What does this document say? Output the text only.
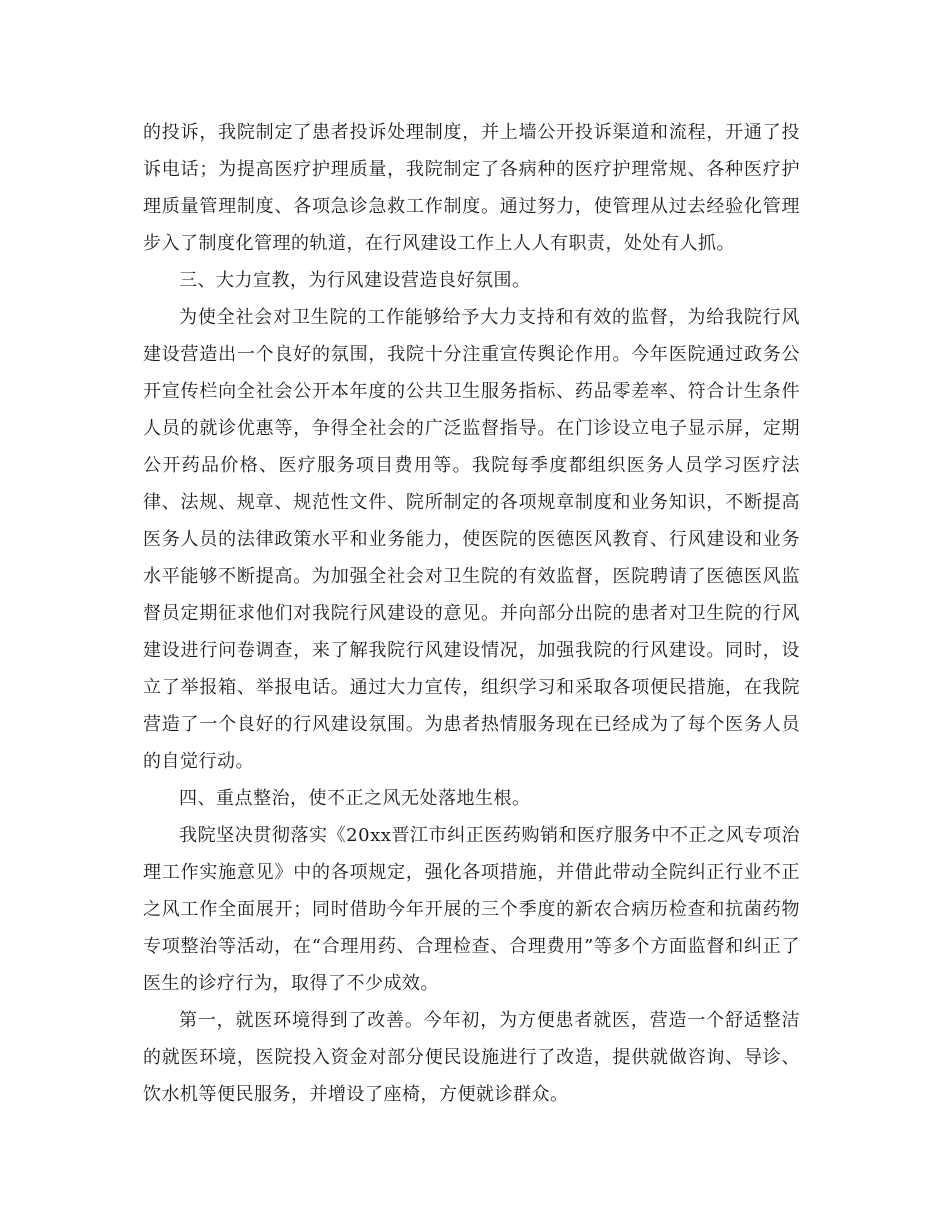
的投诉，我院制定了患者投诉处理制度，并上墙公开投诉渠道和流程，开通了投诉电话；为提高医疗护理质量，我院制定了各病种的医疗护理常规、各种医疗护理质量管理制度、各项急诊急救工作制度。通过努力，使管理从过去经验化管理步入了制度化管理的轨道，在行风建设工作上人人有职责，处处有人抓。

三、大力宣教，为行风建设营造良好氛围。

为使全社会对卫生院的工作能够给予大力支持和有效的监督，为给我院行风建设营造出一个良好的氛围，我院十分注重宣传舆论作用。今年医院通过政务公开宣传栏向全社会公开本年度的公共卫生服务指标、药品零差率、符合计生条件人员的就诊优惠等，争得全社会的广泛监督指导。在门诊设立电子显示屏，定期公开药品价格、医疗服务项目费用等。我院每季度都组织医务人员学习医疗法律、法规、规章、规范性文件、院所制定的各项规章制度和业务知识，不断提高医务人员的法律政策水平和业务能力，使医院的医德医风教育、行风建设和业务水平能够不断提高。为加强全社会对卫生院的有效监督，医院聘请了医德医风监督员定期征求他们对我院行风建设的意见。并向部分出院的患者对卫生院的行风建设进行问卷调查，来了解我院行风建设情况，加强我院的行风建设。同时，设立了举报箱、举报电话。通过大力宣传，组织学习和采取各项便民措施，在我院营造了一个良好的行风建设氛围。为患者热情服务现在已经成为了每个医务人员的自觉行动。

四、重点整治，使不正之风无处落地生根。

我院坚决贯彻落实《20xx晋江市纠正医药购销和医疗服务中不正之风专项治理工作实施意见》中的各项规定，强化各项措施，并借此带动全院纠正行业不正之风工作全面展开；同时借助今年开展的三个季度的新农合病历检查和抗菌药物专项整治等活动，在“合理用药、合理检查、合理费用”等多个方面监督和纠正了医生的诊疗行为，取得了不少成效。

第一，就医环境得到了改善。今年初，为方便患者就医，营造一个舒适整洁的就医环境，医院投入资金对部分便民设施进行了改造，提供就做咨询、导诊、饮水机等便民服务，并增设了座椅，方便就诊群众。
